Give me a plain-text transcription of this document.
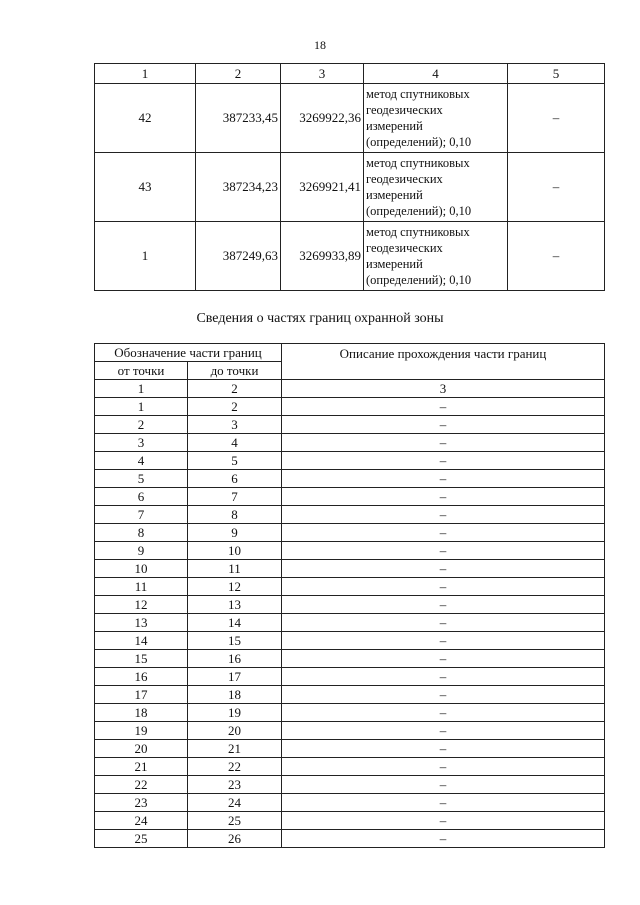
18
1	2	3	4	5
42	387233,45	3269922,36	метод спутниковых
геодезических
измерений
(определений); 0,10	–
43	387234,23	3269921,41	метод спутниковых
геодезических
измерений
(определений); 0,10	–
1	387249,63	3269933,89	метод спутниковых
геодезических
измерений
(определений); 0,10	–
Сведения о частях границ охранной зоны
Обозначение части границ		Описание прохождения части границ
от точки	до точки	
1	2	3
1	2	–
2	3	–
3	4	–
4	5	–
5	6	–
6	7	–
7	8	–
8	9	–
9	10	–
10	11	–
11	12	–
12	13	–
13	14	–
14	15	–
15	16	–
16	17	–
17	18	–
18	19	–
19	20	–
20	21	–
21	22	–
22	23	–
23	24	–
24	25	–
25	26	–
